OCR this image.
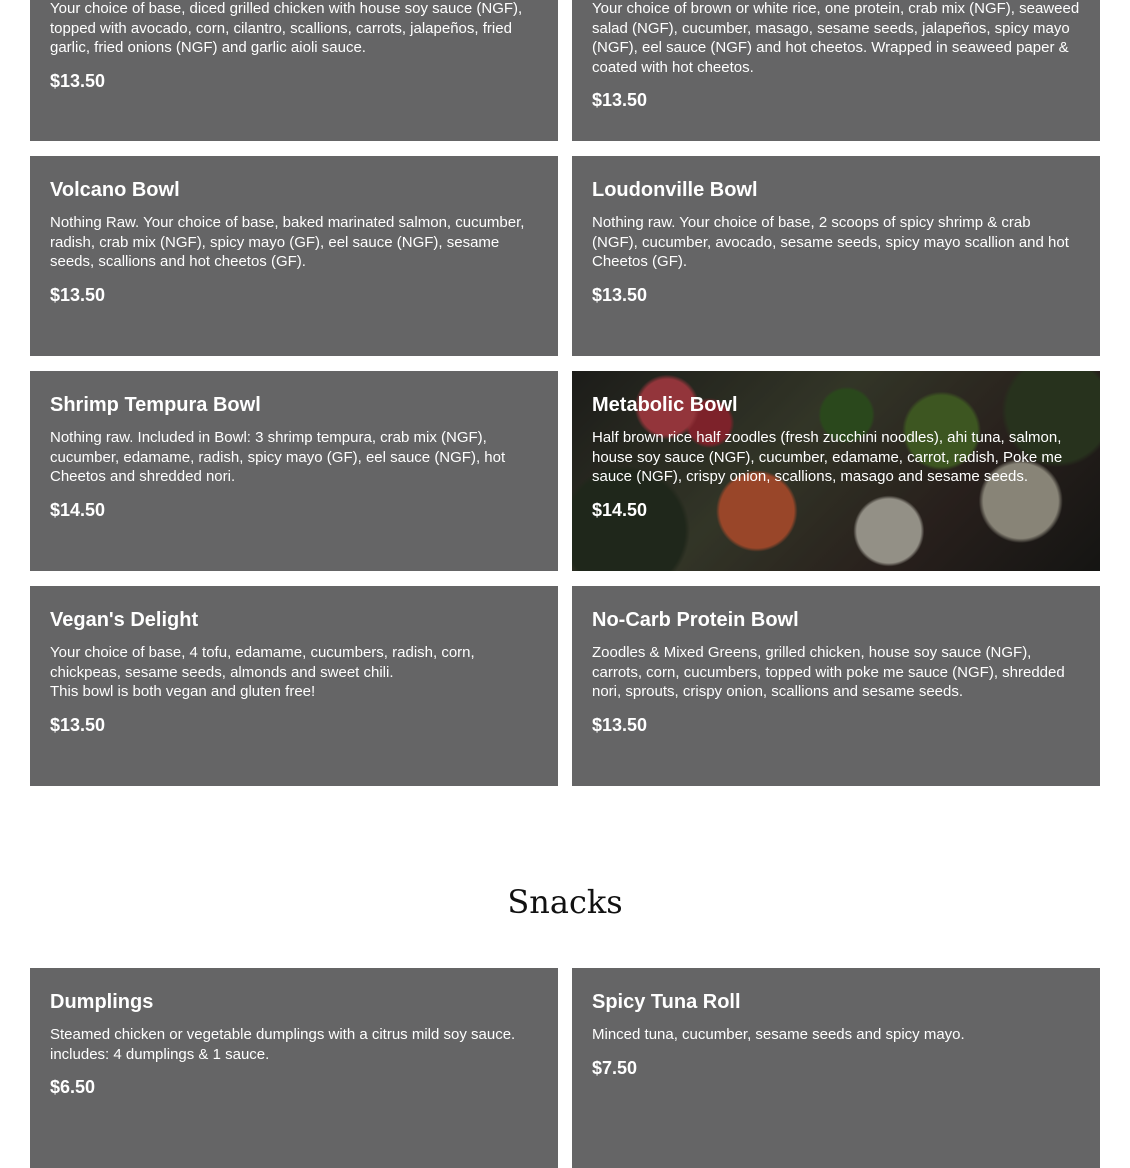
Your choice of base, diced grilled chicken with house soy sauce (NGF), topped with avocado, corn, cilantro, scallions, carrots, jalapeños, fried garlic, fried onions (NGF) and garlic aioli sauce.

$13.50

Your choice of brown or white rice, one protein, crab mix (NGF), seaweed salad (NGF), cucumber, masago, sesame seeds, jalapeños, spicy mayo (NGF), eel sauce (NGF) and hot cheetos. Wrapped in seaweed paper & coated with hot cheetos.

$13.50

Volcano Bowl

Nothing Raw. Your choice of base, baked marinated salmon, cucumber, radish, crab mix (NGF), spicy mayo (GF), eel sauce (NGF), sesame seeds, scallions and hot cheetos (GF).

$13.50

Loudonville Bowl

Nothing raw. Your choice of base, 2 scoops of spicy shrimp & crab (NGF), cucumber, avocado, sesame seeds, spicy mayo scallion and hot Cheetos (GF).

$13.50

Shrimp Tempura Bowl

Nothing raw. Included in Bowl: 3 shrimp tempura, crab mix (NGF), cucumber, edamame, radish, spicy mayo (GF), eel sauce (NGF), hot Cheetos and shredded nori.

$14.50

Metabolic Bowl

Half brown rice half zoodles (fresh zucchini noodles), ahi tuna, salmon, house soy sauce (NGF), cucumber, edamame, carrot, radish, Poke me sauce (NGF), crispy onion, scallions, masago and sesame seeds.

$14.50

Vegan's Delight

Your choice of base, 4 tofu, edamame, cucumbers, radish, corn, chickpeas, sesame seeds, almonds and sweet chili.
This bowl is both vegan and gluten free!

$13.50

No-Carb Protein Bowl

Zoodles & Mixed Greens, grilled chicken, house soy sauce (NGF), carrots, corn, cucumbers, topped with poke me sauce (NGF), shredded nori, sprouts, crispy onion, scallions and sesame seeds.

$13.50

Snacks
Dumplings

Steamed chicken or vegetable dumplings with a citrus mild soy sauce.
includes: 4 dumplings & 1 sauce.

$6.50

Spicy Tuna Roll

Minced tuna, cucumber, sesame seeds and spicy mayo.

$7.50
